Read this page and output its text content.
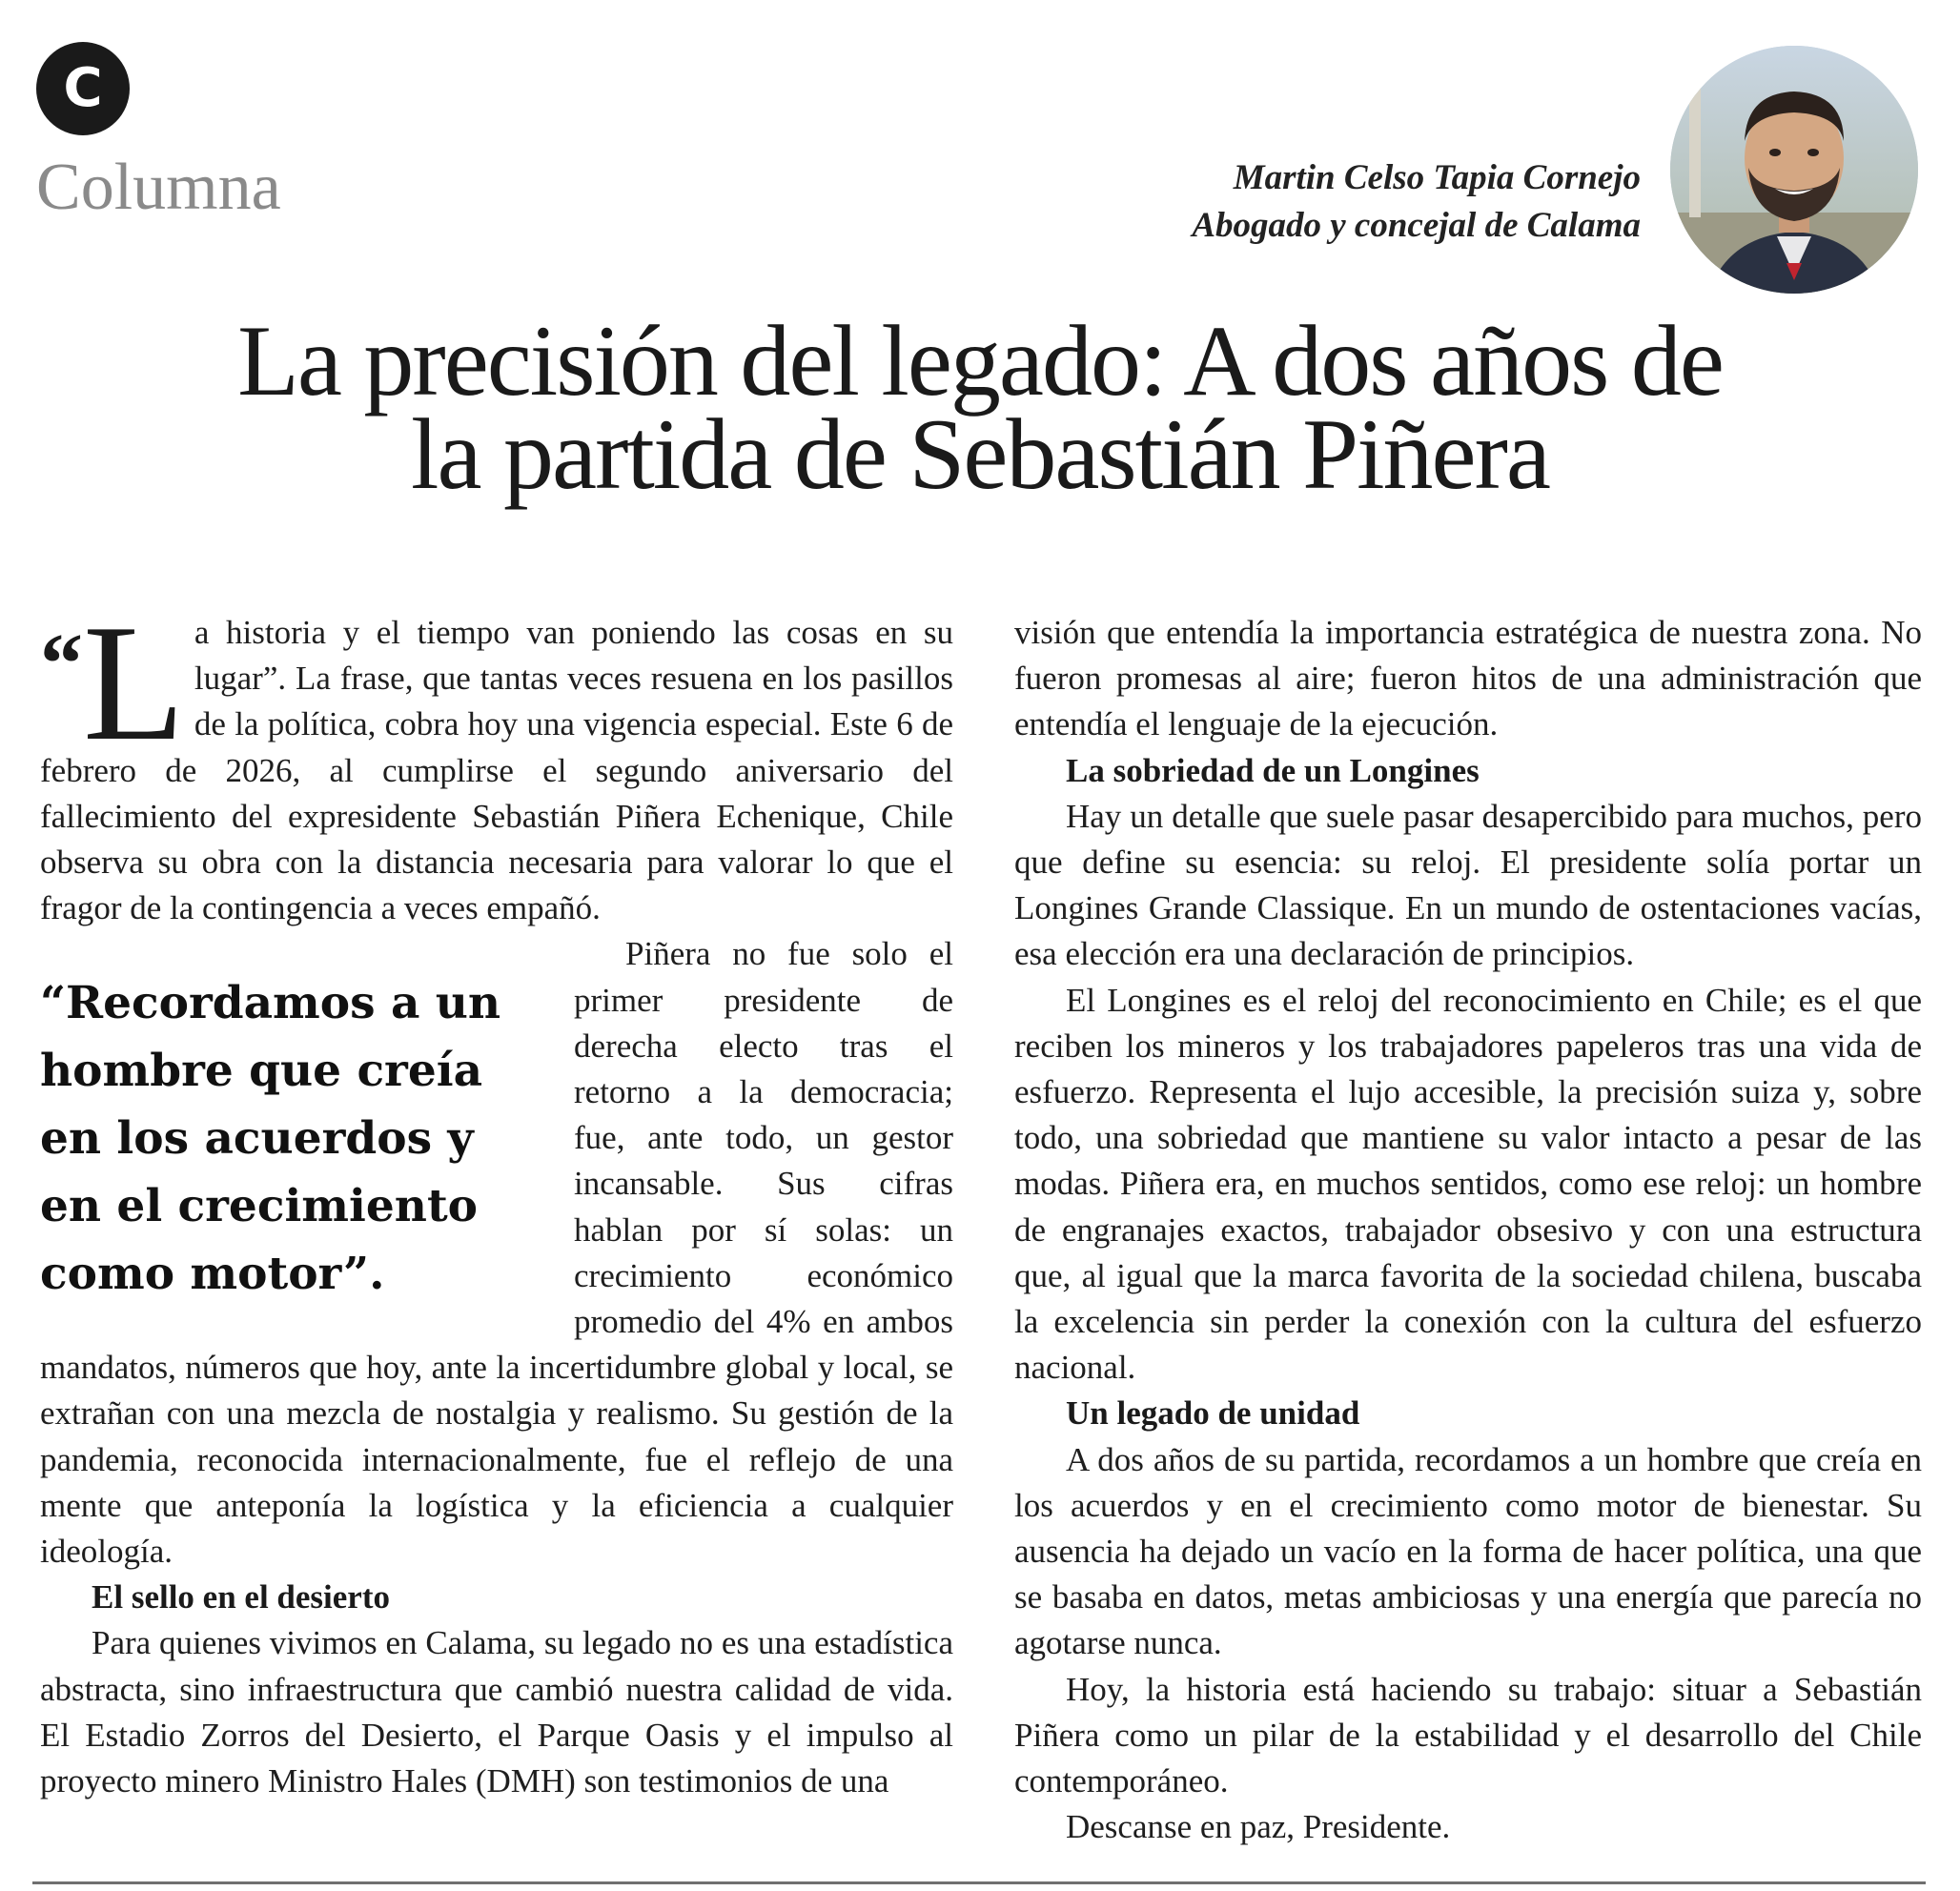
C
Columna	Martin Celso Tapia Cornejo
Abogado y concejal de Calama
La precisión del legado: A dos años de
la partida de Sebastián Piñera
“ L a historia y el tiempo van poniendo las cosas en su lugar”. La frase, que tantas veces resuena en los pasillos de la política, cobra hoy una vigencia especial. Este 6 de febrero de 2026, al cumplirse el segundo aniversario del fallecimiento del expresidente Sebastián Piñera Echenique, Chile observa su obra con la distancia necesaria para valorar lo que el fragor de la contingencia a veces empañó.

“Recordamos a un hombre que creía en los acuerdos y en el crecimiento como motor”.

Piñera no fue solo el primer presidente de derecha electo tras el retorno a la democracia; fue, ante todo, un gestor incansable. Sus cifras hablan por sí solas: un crecimiento económico promedio del 4% en ambos mandatos, números que hoy, ante la incertidumbre global y local, se extrañan con una mezcla de nostalgia y realismo. Su gestión de la pandemia, reconocida internacionalmente, fue el reflejo de una mente que anteponía la logística y la eficiencia a cualquier ideología.

El sello en el desierto

Para quienes vivimos en Calama, su legado no es una estadística abstracta, sino infraestructura que cambió nuestra calidad de vida. El Estadio Zorros del Desierto, el Parque Oasis y el impulso al proyecto minero Ministro Hales (DMH) son testimonios de una

visión que entendía la importancia estratégica de nuestra zona. No fueron promesas al aire; fueron hitos de una administración que entendía el lenguaje de la ejecución.

La sobriedad de un Longines

Hay un detalle que suele pasar desapercibido para muchos, pero que define su esencia: su reloj. El presidente solía portar un Longines Grande Classique. En un mundo de ostentaciones vacías, esa elección era una declaración de principios.

El Longines es el reloj del reconocimiento en Chile; es el que reciben los mineros y los trabajadores papeleros tras una vida de esfuerzo. Representa el lujo accesible, la precisión suiza y, sobre todo, una sobriedad que mantiene su valor intacto a pesar de las modas. Piñera era, en muchos sentidos, como ese reloj: un hombre de engranajes exactos, trabajador obsesivo y con una estructura que, al igual que la marca favorita de la sociedad chilena, buscaba la excelencia sin perder la conexión con la cultura del esfuerzo nacional.

Un legado de unidad

A dos años de su partida, recordamos a un hombre que creía en los acuerdos y en el crecimiento como motor de bienestar. Su ausencia ha dejado un vacío en la forma de hacer política, una que se basaba en datos, metas ambiciosas y una energía que parecía no agotarse nunca.

Hoy, la historia está haciendo su trabajo: situar a Sebastián Piñera como un pilar de la estabilidad y el desarrollo del Chile contemporáneo.

Descanse en paz, Presidente.
